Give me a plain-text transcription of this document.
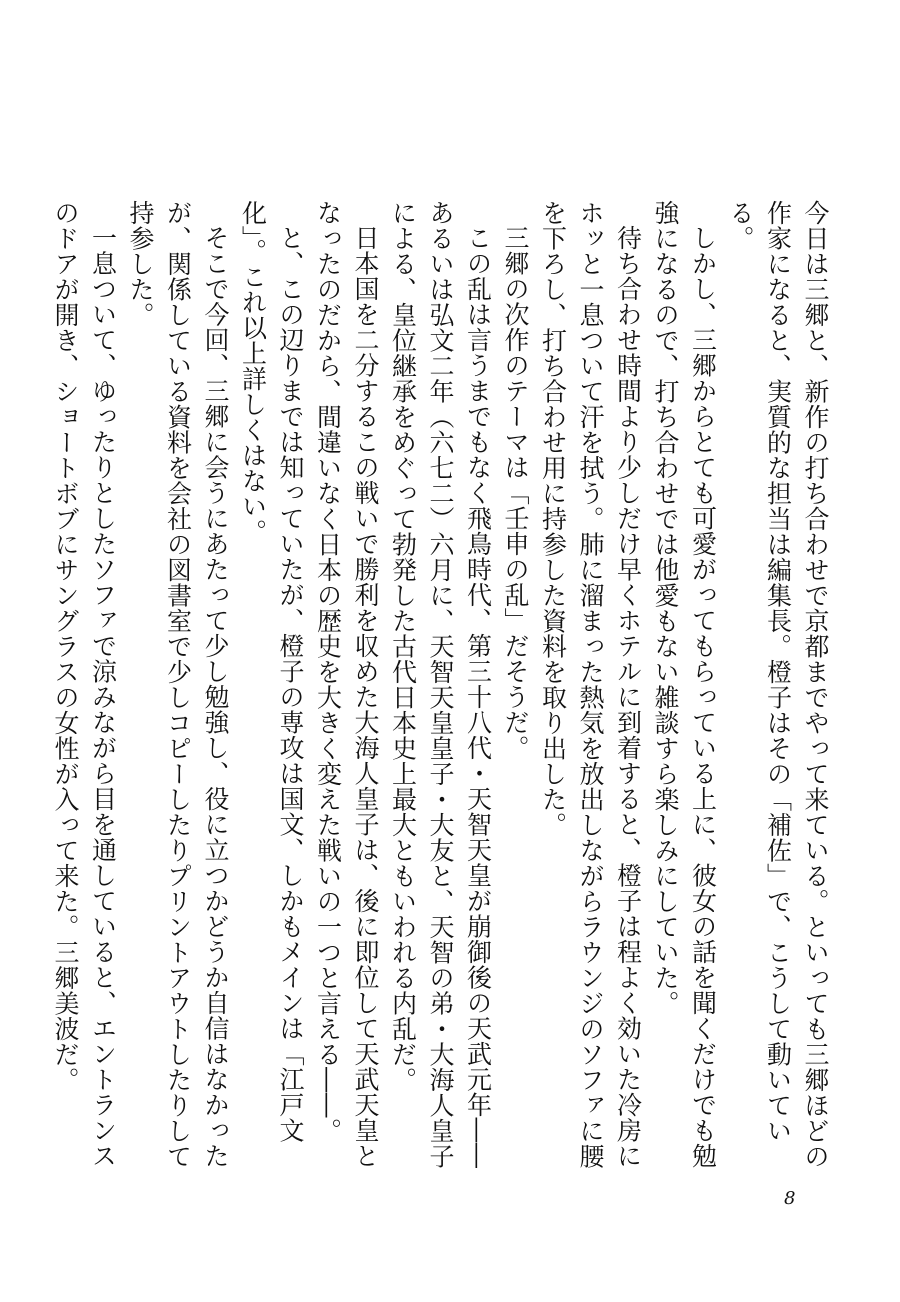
今日は三郷と、新作の打ち合わせで京都までやって来ている。といっても三郷ほどの作家になると、実質的な担当は編集長。橙子はその「補佐」で、こうして動いている。

しかし、三郷からとても可愛がってもらっている上に、彼女の話を聞くだけでも勉強になるので、打ち合わせでは他愛もない雑談すら楽しみにしていた。

待ち合わせ時間より少しだけ早くホテルに到着すると、橙子は程よく効いた冷房にホッと一息ついて汗を拭う。肺に溜まった熱気を放出しながらラウンジのソファに腰を下ろし、打ち合わせ用に持参した資料を取り出した。

三郷の次作のテーマは「壬申の乱」だそうだ。

この乱は言うまでもなく飛鳥時代、第三十八代・天智天皇が崩御後の天武元年――あるいは弘文二年（六七二）六月に、天智天皇皇子・大友と、天智の弟・大海人皇子による、皇位継承をめぐって勃発した古代日本史上最大ともいわれる内乱だ。

日本国を二分するこの戦いで勝利を収めた大海人皇子は、後に即位して天武天皇となったのだから、間違いなく日本の歴史を大きく変えた戦いの一つと言える――。

と、この辺りまでは知っていたが、橙子の専攻は国文、しかもメインは「江戸文化」。これ以上詳しくはない。

そこで今回、三郷に会うにあたって少し勉強し、役に立つかどうか自信はなかったが、関係している資料を会社の図書室で少しコピーしたりプリントアウトしたりして持参した。

一息ついて、ゆったりとしたソファで涼みながら目を通していると、エントランスのドアが開き、ショートボブにサングラスの女性が入って来た。三郷美波だ。

8
